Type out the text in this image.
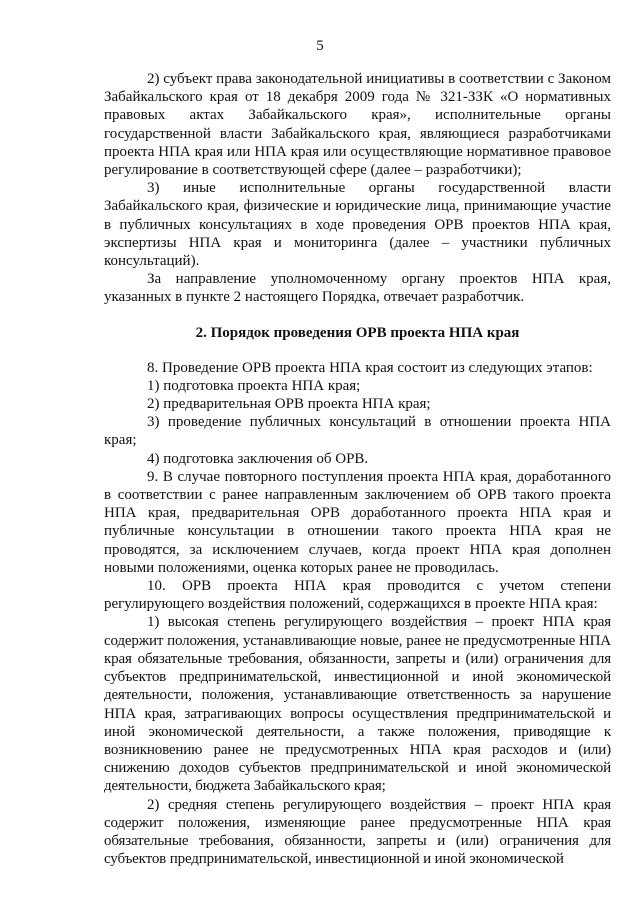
5

2) субъект права законодательной инициативы в соответствии с Законом Забайкальского края от 18 декабря 2009 года № 321-ЗЗК «О нормативных правовых актах Забайкальского края», исполнительные органы государственной власти Забайкальского края, являющиеся разработчиками проекта НПА края или НПА края или осуществляющие нормативное правовое регулирование в соответствующей сфере (далее – разработчики);

3) иные исполнительные органы государственной власти Забайкальского края, физические и юридические лица, принимающие участие в публичных консультациях в ходе проведения ОРВ проектов НПА края, экспертизы НПА края и мониторинга (далее – участники публичных консультаций).

За направление уполномоченному органу проектов НПА края, указанных в пункте 2 настоящего Порядка, отвечает разработчик.

2. Порядок проведения ОРВ проекта НПА края

8. Проведение ОРВ проекта НПА края состоит из следующих этапов:

1) подготовка проекта НПА края;

2) предварительная ОРВ проекта НПА края;

3) проведение публичных консультаций в отношении проекта НПА края;

4) подготовка заключения об ОРВ.

9. В случае повторного поступления проекта НПА края, доработанного в соответствии с ранее направленным заключением об ОРВ такого проекта НПА края, предварительная ОРВ доработанного проекта НПА края и публичные консультации в отношении такого проекта НПА края не проводятся, за исключением случаев, когда проект НПА края дополнен новыми положениями, оценка которых ранее не проводилась.

10. ОРВ проекта НПА края проводится с учетом степени регулирующего воздействия положений, содержащихся в проекте НПА края:

1) высокая степень регулирующего воздействия – проект НПА края содержит положения, устанавливающие новые, ранее не предусмотренные НПА края обязательные требования, обязанности, запреты и (или) ограничения для субъектов предпринимательской, инвестиционной и иной экономической деятельности, положения, устанавливающие ответственность за нарушение НПА края, затрагивающих вопросы осуществления предпринимательской и иной экономической деятельности, а также положения, приводящие к возникновению ранее не предусмотренных НПА края расходов и (или) снижению доходов субъектов предпринимательской и иной экономической деятельности, бюджета Забайкальского края;

2) средняя степень регулирующего воздействия – проект НПА края содержит положения, изменяющие ранее предусмотренные НПА края обязательные требования, обязанности, запреты и (или) ограничения для субъектов предпринимательской, инвестиционной и иной экономической
